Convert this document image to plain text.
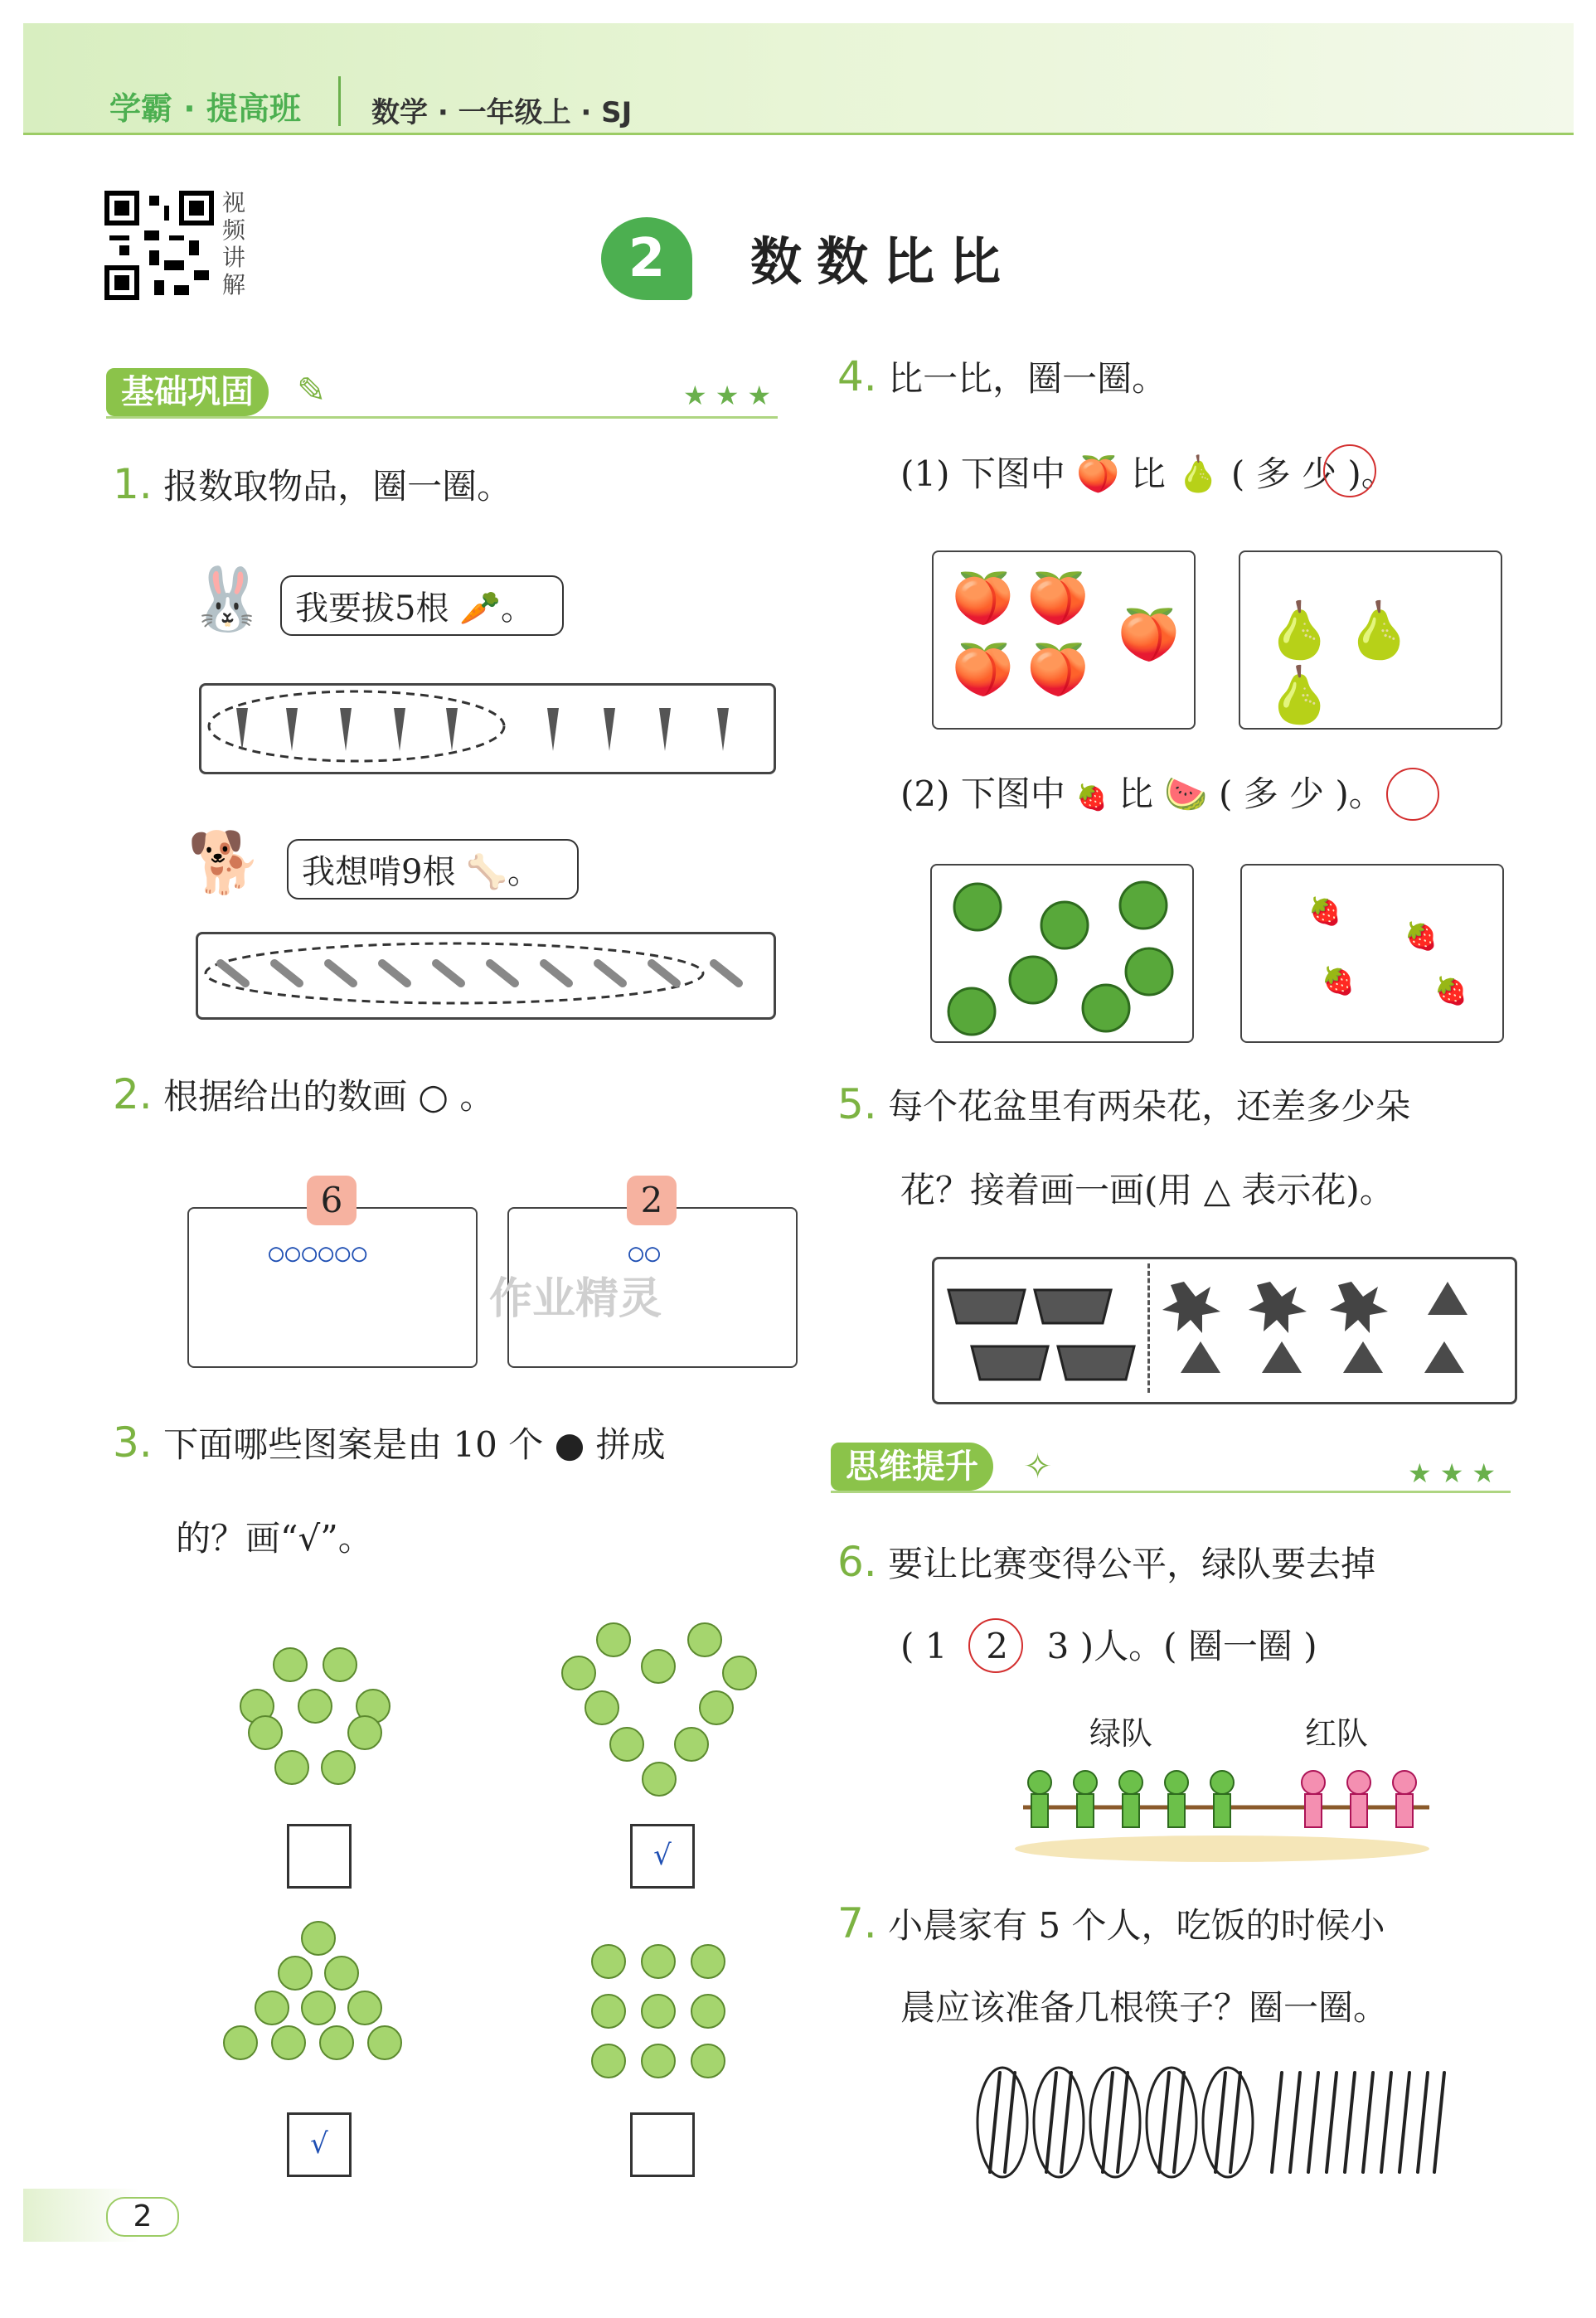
学霸 · 提高班	数学 · 一年级上 · SJ
视频讲解	2	数数比比
基础巩固	✎	★★★
1. 报数取物品，圈一圈。
🐰 我要拔5根 🥕。
🐕	我想啃9根 🦴。
2. 根据给出的数画 ○ 。
6
○○○○○○
2
○○
作业精灵
3. 下面哪些图案是由 10 个 ● 拼成
的？画“√”。
√
√
4. 比一比，圈一圈。
(1) 下图中 🍑 比 🍐 ( 多 少 )。
🍑🍑
🍑🍑
🍑 🍐🍐🍐
(2) 下图中 🍓 比 🍉 ( 多 少 )。
🍓
🍓
🍓	🍓
5. 每个花盆里有两朵花，还差多少朵
花？接着画一画(用 △ 表示花)。
思维提升	✧	★★★
6. 要让比赛变得公平，绿队要去掉
( 1 2 3 )人。( 圈一圈 )
绿队	红队
7. 小晨家有 5 个人，吃饭的时候小
晨应该准备几根筷子？圈一圈。
2
